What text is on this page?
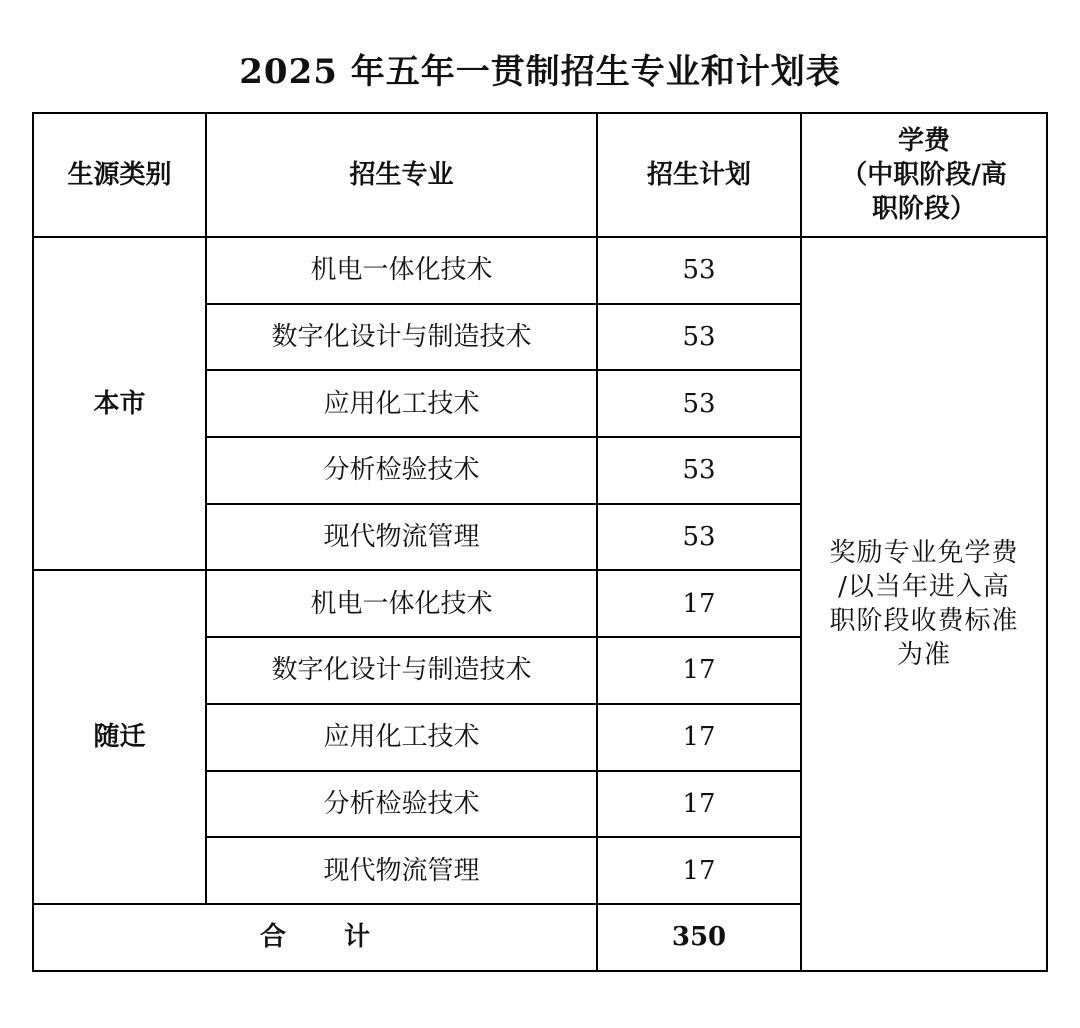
2025 年五年一贯制招生专业和计划表
生源类别	招生专业	招生计划	学费
（中职阶段/高
职阶段）

本市	机电一体化技术	53	奖励专业免学费
/以当年进入高
职阶段收费标准
为准

	数字化设计与制造技术	53	
	应用化工技术	53	
	分析检验技术	53	
	现代物流管理	53	
随迁	机电一体化技术	17	
	数字化设计与制造技术	17	
	应用化工技术	17	
	分析检验技术	17	
	现代物流管理	17	
合 计		350	
